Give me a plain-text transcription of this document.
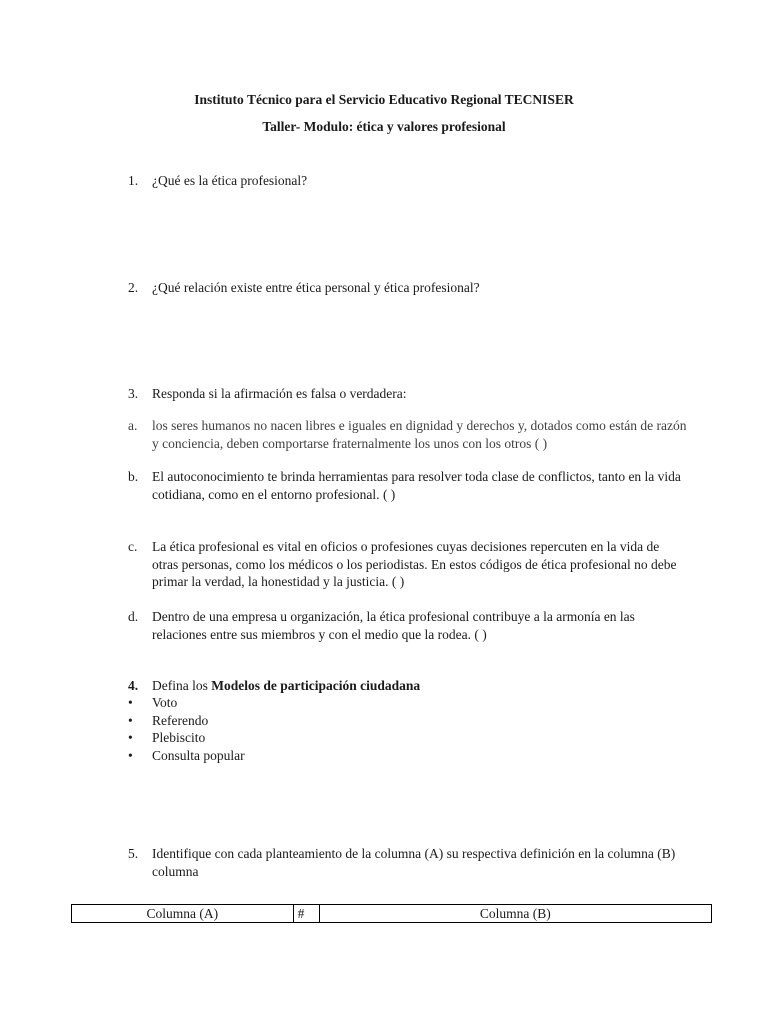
Instituto Técnico para el Servicio Educativo Regional TECNISER
Taller- Modulo: ética y valores profesional
1. ¿Qué es la ética profesional?
2. ¿Qué relación existe entre ética personal y ética profesional?
3. Responda si la afirmación es falsa o verdadera:
a. los seres humanos no nacen libres e iguales en dignidad y derechos y, dotados como están de razón y conciencia, deben comportarse fraternalmente los unos con los otros ( )
b. El autoconocimiento te brinda herramientas para resolver toda clase de conflictos, tanto en la vida cotidiana, como en el entorno profesional. ( )
c. La ética profesional es vital en oficios o profesiones cuyas decisiones repercuten en la vida de otras personas, como los médicos o los periodistas. En estos códigos de ética profesional no debe primar la verdad, la honestidad y la justicia. ( )
d. Dentro de una empresa u organización, la ética profesional contribuye a la armonía en las relaciones entre sus miembros y con el medio que la rodea. ( )
4. Defina los Modelos de participación ciudadana
• Voto
• Referendo
• Plebiscito
• Consulta popular
5. Identifique con cada planteamiento de la columna (A) su respectiva definición en la columna (B) columna
Columna (A)	#	Columna (B)
